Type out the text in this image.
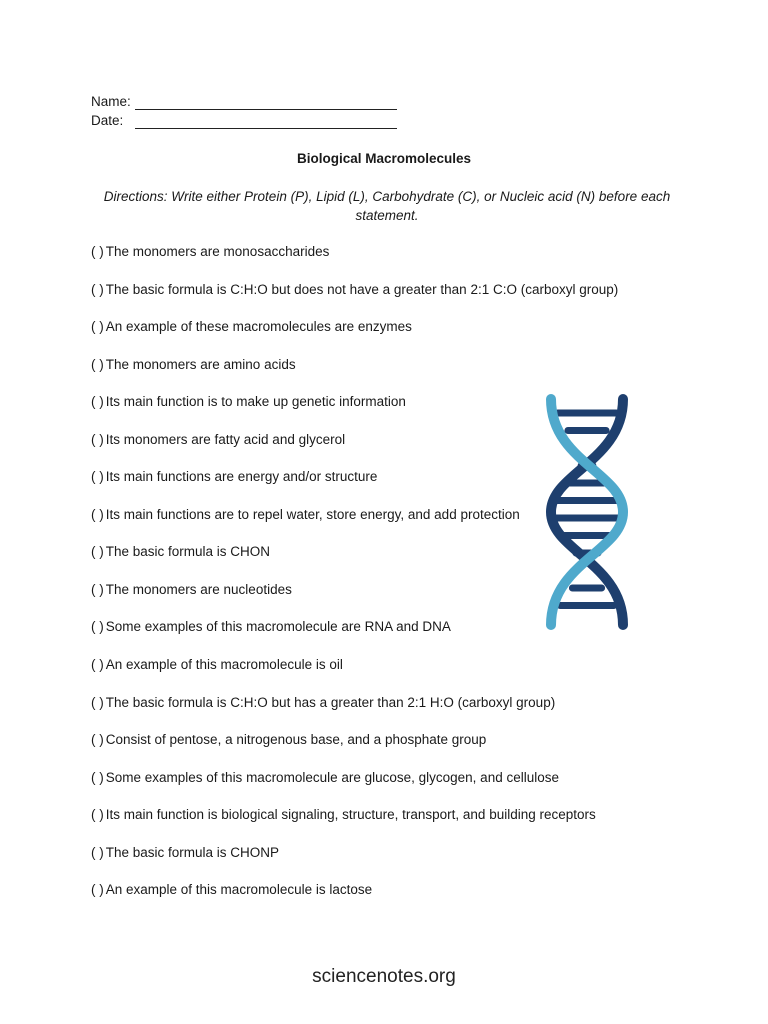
Name:
Date:
Biological Macromolecules
Directions: Write either Protein (P), Lipid (L), Carbohydrate (C), or Nucleic acid (N) before each statement.
( ) The monomers are monosaccharides
( ) The basic formula is C:H:O but does not have a greater than 2:1 C:O (carboxyl group)
( ) An example of these macromolecules are enzymes
( ) The monomers are amino acids
( ) Its main function is to make up genetic information
( ) Its monomers are fatty acid and glycerol
( ) Its main functions are energy and/or structure
( ) Its main functions are to repel water, store energy, and add protection
( ) The basic formula is CHON
( ) The monomers are nucleotides
( ) Some examples of this macromolecule are RNA and DNA
( ) An example of this macromolecule is oil
( ) The basic formula is C:H:O but has a greater than 2:1 H:O (carboxyl group)
( ) Consist of pentose, a nitrogenous base, and a phosphate group
( ) Some examples of this macromolecule are glucose, glycogen, and cellulose
( ) Its main function is biological signaling, structure, transport, and building receptors
( ) The basic formula is CHONP
( ) An example of this macromolecule is lactose
sciencenotes.org
